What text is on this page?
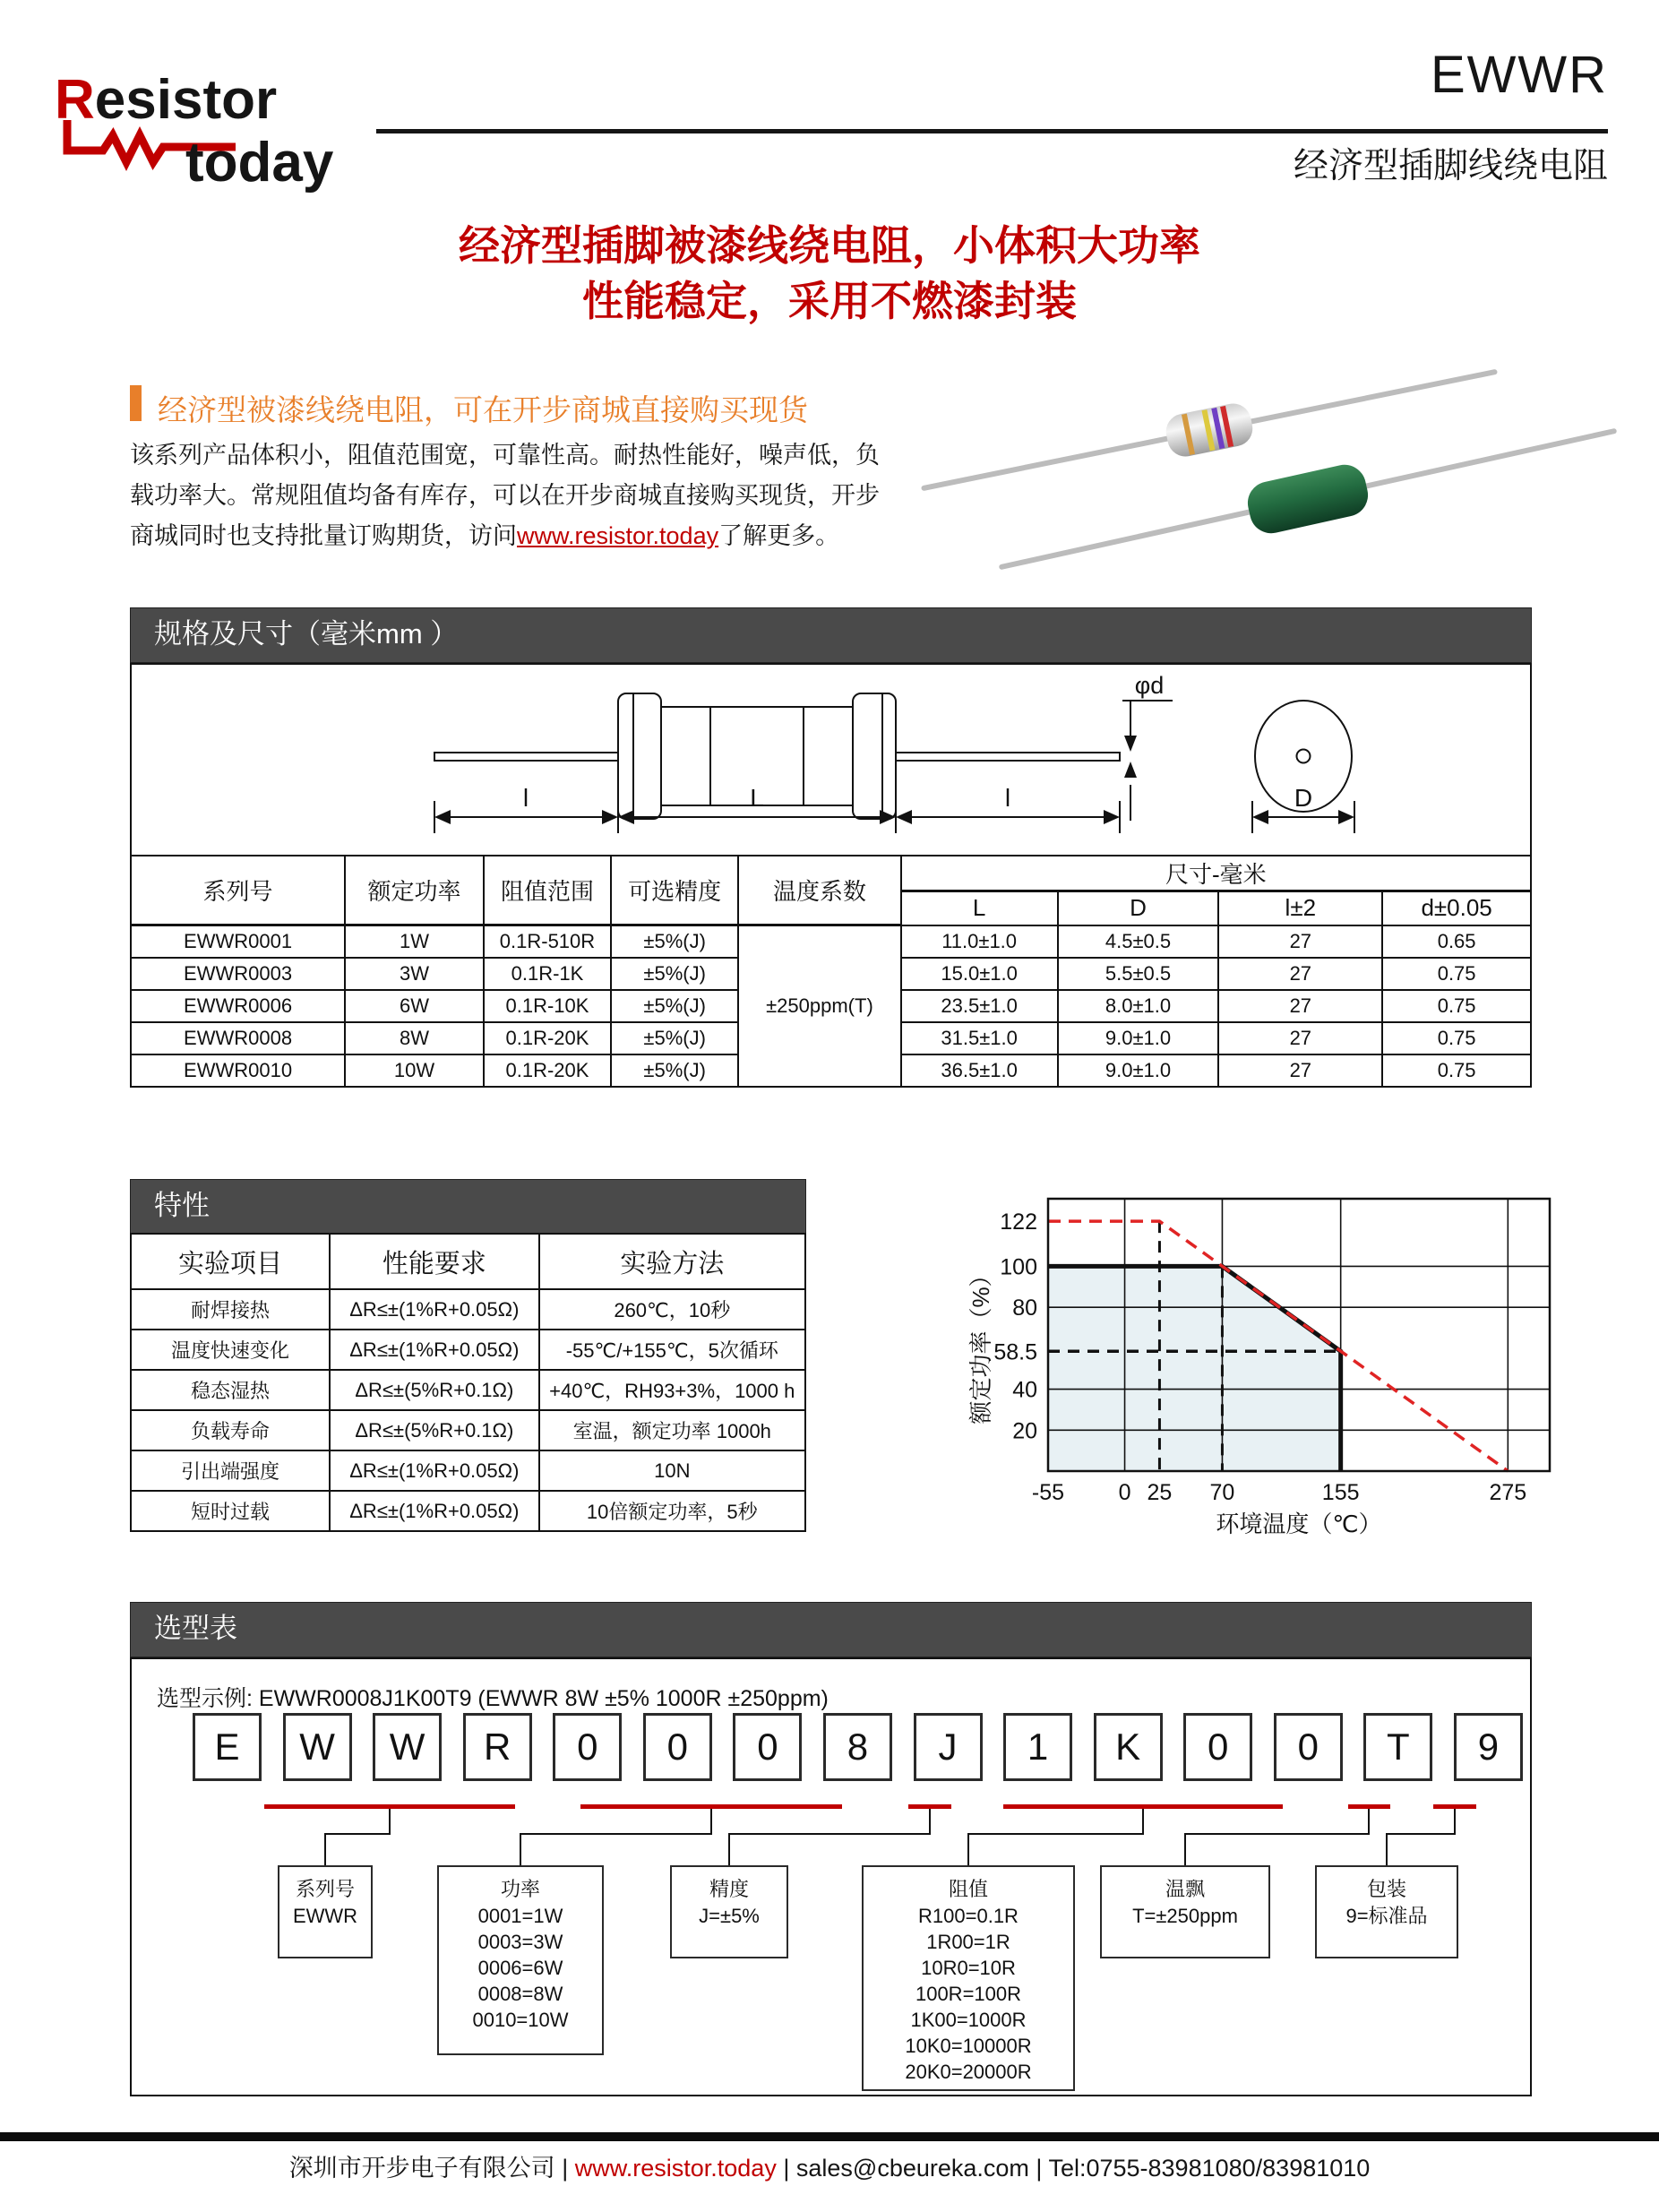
Resistor
today
EWWR
经济型插脚线绕电阻
经济型插脚被漆线绕电阻，小体积大功率
性能稳定，采用不燃漆封装
经济型被漆线绕电阻，可在开步商城直接购买现货
该系列产品体积小，阻值范围宽，可靠性高。耐热性能好，噪声低，负载功率大。常规阻值均备有库存，可以在开步商城直接购买现货，开步商城同时也支持批量订购期货，访问www.resistor.today了解更多。
规格及尺寸（毫米mm ）
φd
l	L	l	D
系列号	额定功率	阻值范围	可选精度	温度系数	尺寸-毫米			
					L	D	l±2	d±0.05
EWWR0001	1W	0.1R-510R	±5%(J)	±250ppm(T)	11.0±1.0	4.5±0.5	27	0.65
EWWR0003	3W	0.1R-1K	±5%(J)		15.0±1.0	5.5±0.5	27	0.75
EWWR0006	6W	0.1R-10K	±5%(J)		23.5±1.0	8.0±1.0	27	0.75
EWWR0008	8W	0.1R-20K	±5%(J)		31.5±1.0	9.0±1.0	27	0.75
EWWR0010	10W	0.1R-20K	±5%(J)		36.5±1.0	9.0±1.0	27	0.75
特性
实验项目	性能要求	实验方法
耐焊接热	ΔR≤±(1%R+0.05Ω)	260℃，10秒
温度快速变化	ΔR≤±(1%R+0.05Ω)	-55℃/+155℃，5次循环
稳态湿热	ΔR≤±(5%R+0.1Ω)	+40℃，RH93+3%，1000 h
负载寿命	ΔR≤±(5%R+0.1Ω)	室温，额定功率 1000h
引出端强度	ΔR≤±(1%R+0.05Ω)	10N
短时过载	ΔR≤±(1%R+0.05Ω)	10倍额定功率，5秒	环境温度（℃）
额定功率（%）
-55 0 25 70	155	275
20
40
58.5
80
100
122
选型表
选型示例: EWWR0008J1K00T9 (EWWR 8W ±5% 1000R ±250ppm)
E	W	W	R	0	0	0	8	J	1	K	0	0	T	9
系列号
EWWR
功率
0001=1W
0003=3W
0006=6W
0008=8W
0010=10W
精度
J=±5%
阻值
R100=0.1R
1R00=1R
10R0=10R
100R=100R
1K00=1000R
10K0=10000R
20K0=20000R
温飘
T=±250ppm
包装
9=标准品
深圳市开步电子有限公司 | www.resistor.today | sales@cbeureka.com | Tel:0755-83981080/83981010
